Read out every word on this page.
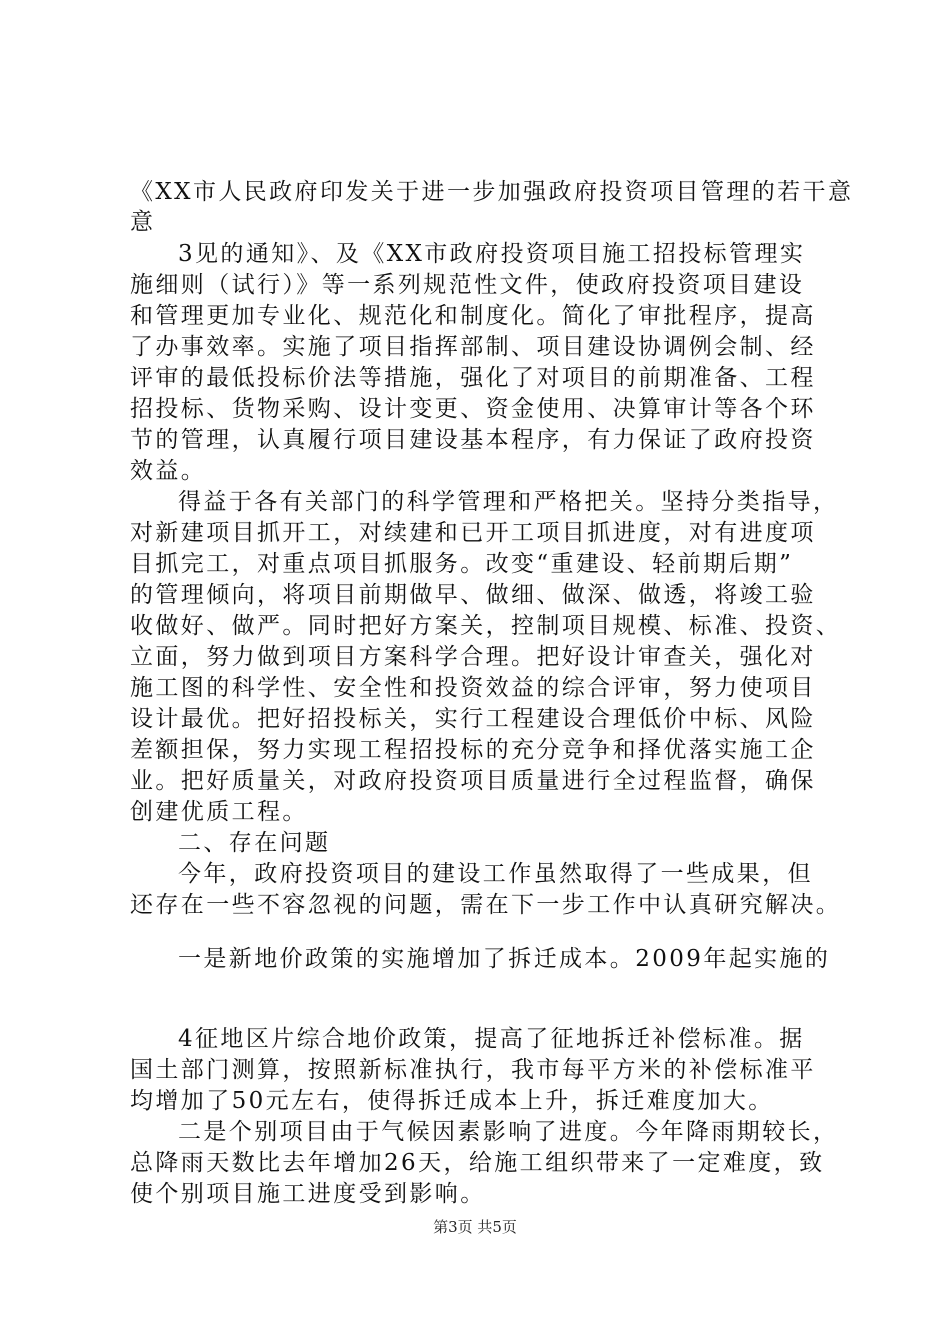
《XX市人民政府印发关于进一步加强政府投资项目管理的若干意
意
3见的通知》、及《XX市政府投资项目施工招投标管理实
施细则（试行）》等一系列规范性文件，使政府投资项目建设
和管理更加专业化、规范化和制度化。简化了审批程序，提高
了办事效率。实施了项目指挥部制、项目建设协调例会制、经
评审的最低投标价法等措施，强化了对项目的前期准备、工程
招投标、货物采购、设计变更、资金使用、决算审计等各个环
节的管理，认真履行项目建设基本程序，有力保证了政府投资
效益。
得益于各有关部门的科学管理和严格把关。坚持分类指导，
对新建项目抓开工，对续建和已开工项目抓进度，对有进度项
目抓完工，对重点项目抓服务。改变“重建设、轻前期后期”
的管理倾向，将项目前期做早、做细、做深、做透，将竣工验
收做好、做严。同时把好方案关，控制项目规模、标准、投资、
立面，努力做到项目方案科学合理。把好设计审查关，强化对
施工图的科学性、安全性和投资效益的综合评审，努力使项目
设计最优。把好招投标关，实行工程建设合理低价中标、风险
差额担保，努力实现工程招投标的充分竞争和择优落实施工企
业。把好质量关，对政府投资项目质量进行全过程监督，确保
创建优质工程。
二、存在问题
今年，政府投资项目的建设工作虽然取得了一些成果，但
还存在一些不容忽视的问题，需在下一步工作中认真研究解决。
一是新地价政策的实施增加了拆迁成本。2009年起实施的
4征地区片综合地价政策，提高了征地拆迁补偿标准。据
国土部门测算，按照新标准执行，我市每平方米的补偿标准平
均增加了50元左右，使得拆迁成本上升，拆迁难度加大。
二是个别项目由于气候因素影响了进度。今年降雨期较长，
总降雨天数比去年增加26天，给施工组织带来了一定难度，致
使个别项目施工进度受到影响。
第3页 共5页
